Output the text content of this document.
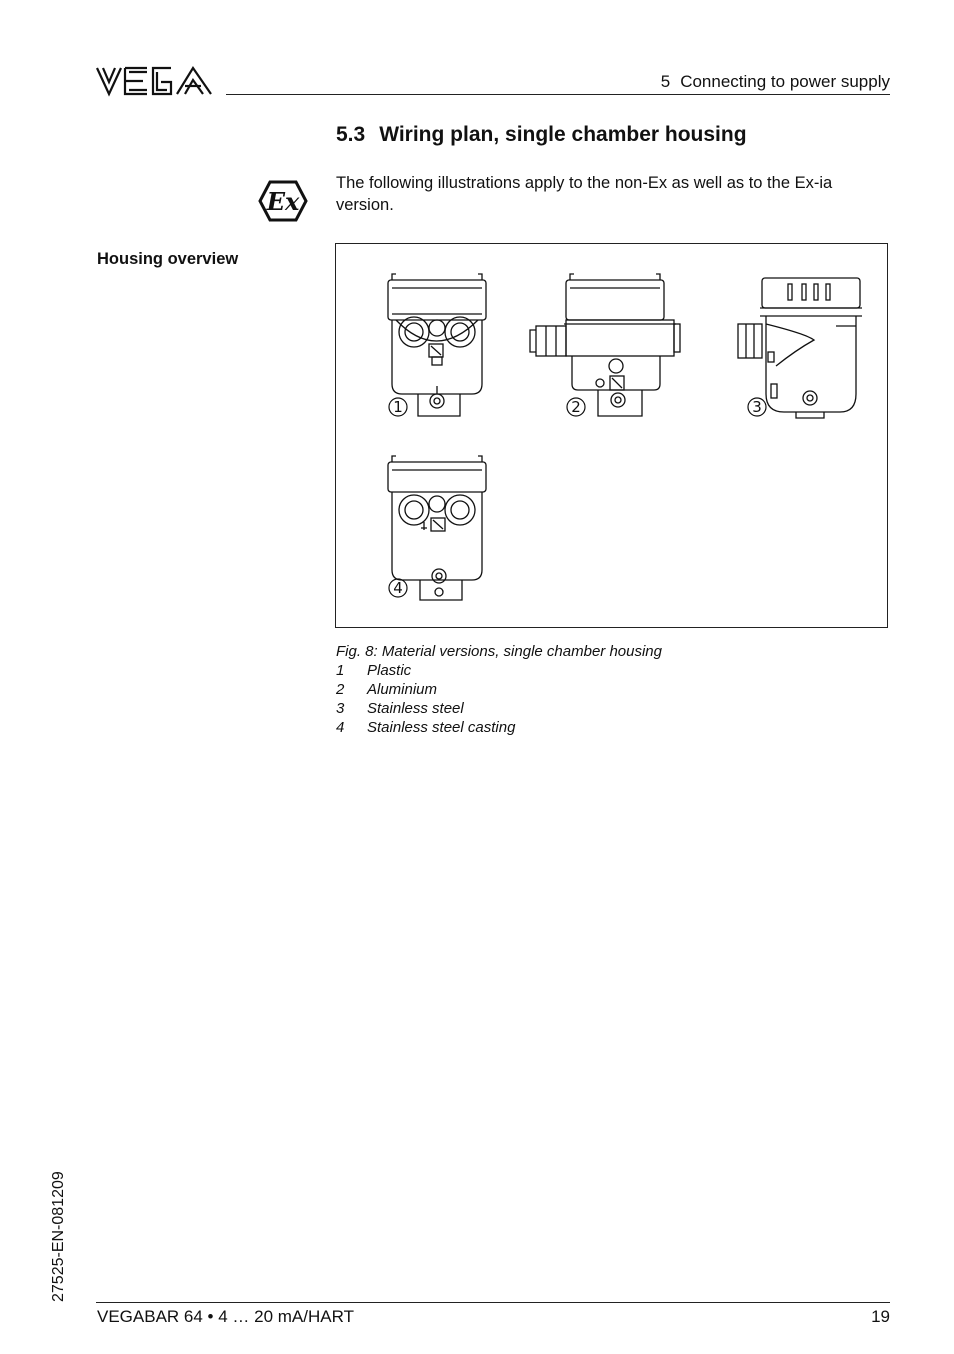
5 Connecting to power supply
5.3 Wiring plan, single chamber housing
Ex
The following illustrations apply to the non-Ex as well as to the Ex-ia version.
Housing overview
1	2	3
4
Fig. 8: Material versions, single chamber housing
1	Plastic
2	Aluminium
3	Stainless steel
4	Stainless steel casting
27525-EN-081209
VEGABAR 64 • 4 … 20 mA/HART	19
